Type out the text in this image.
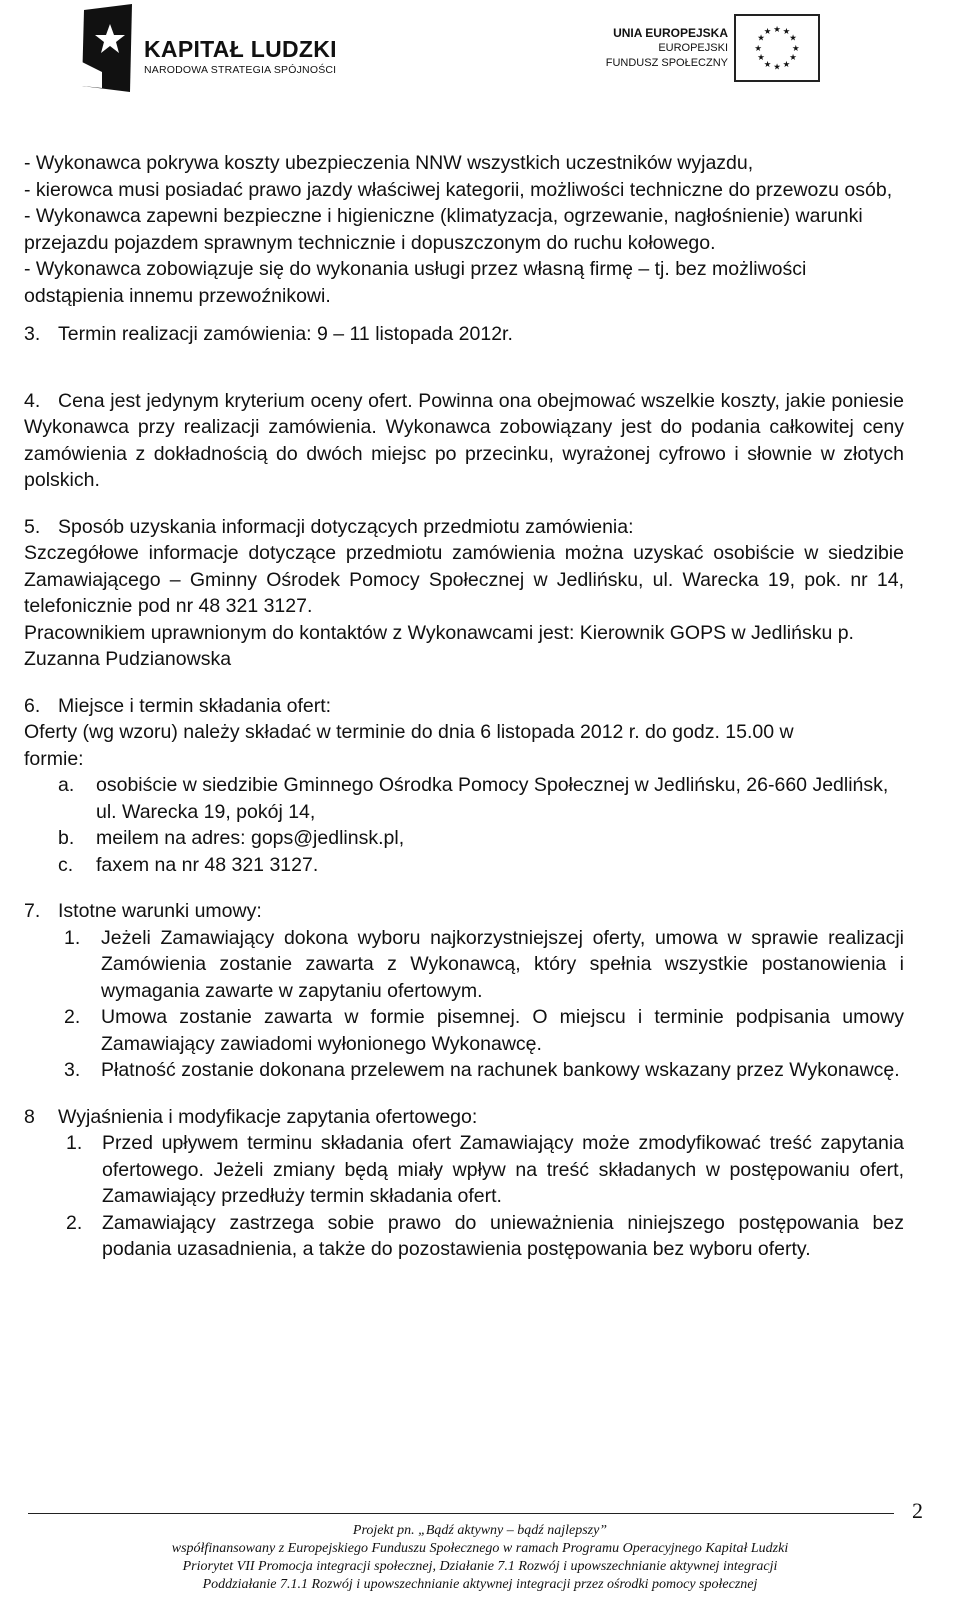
KAPITAŁ LUDZKI
NARODOWA STRATEGIA SPÓJNOŚCI
UNIA EUROPEJSKA
EUROPEJSKI
FUNDUSZ SPOŁECZNY
★ ★
★
★
★
★
★
★
★
★
★
★

- Wykonawca pokrywa koszty ubezpieczenia NNW wszystkich uczestników wyjazdu,

- kierowca musi posiadać prawo jazdy właściwej kategorii, możliwości techniczne do przewozu osób,

- Wykonawca zapewni bezpieczne i higieniczne (klimatyzacja, ogrzewanie, nagłośnienie) warunki przejazdu pojazdem sprawnym technicznie i dopuszczonym do ruchu kołowego.

- Wykonawca zobowiązuje się do wykonania usługi przez własną firmę – tj. bez możliwości odstąpienia innemu przewoźnikowi.

3. Termin realizacji zamówienia: 9 – 11 listopada 2012r.
4. Cena jest jedynym kryterium oceny ofert. Powinna ona obejmować wszelkie koszty, jakie poniesie Wykonawca przy realizacji zamówienia. Wykonawca zobowiązany jest do podania całkowitej ceny zamówienia z dokładnością do dwóch miejsc po przecinku, wyrażonej cyfrowo i słownie w złotych polskich.
5. Sposób uzyskania informacji dotyczących przedmiotu zamówienia:

Szczegółowe informacje dotyczące przedmiotu zamówienia można uzyskać osobiście w siedzibie Zamawiającego – Gminny Ośrodek Pomocy Społecznej w Jedlińsku, ul. Warecka 19, pok. nr 14, telefonicznie pod nr 48 321 3127.

Pracownikiem uprawnionym do kontaktów z Wykonawcami jest: Kierownik GOPS w Jedlińsku p. Zuzanna Pudzianowska

6. Miejsce i termin składania ofert:

Oferty (wg wzoru) należy składać w terminie do dnia 6 listopada 2012 r. do godz. 15.00 w formie:

a.	osobiście w siedzibie Gminnego Ośrodka Pomocy Społecznej w Jedlińsku, 26-660 Jedlińsk, ul. Warecka 19, pokój 14,
b.	meilem na adres: gops@jedlinsk.pl,
c.	faxem na nr 48 321 3127.
7. Istotne warunki umowy:
1.	Jeżeli Zamawiający dokona wyboru najkorzystniejszej oferty, umowa w sprawie realizacji Zamówienia zostanie zawarta z Wykonawcą, który spełnia wszystkie postanowienia i wymagania zawarte w zapytaniu ofertowym.
2.	Umowa zostanie zawarta w formie pisemnej. O miejscu i terminie podpisania umowy Zamawiający zawiadomi wyłonionego Wykonawcę.
3.	Płatność zostanie dokonana przelewem na rachunek bankowy wskazany przez Wykonawcę.
8	Wyjaśnienia i modyfikacje zapytania ofertowego:
1.	Przed upływem terminu składania ofert Zamawiający może zmodyfikować treść zapytania ofertowego. Jeżeli zmiany będą miały wpływ na treść składanych w postępowaniu ofert, Zamawiający przedłuży termin składania ofert.
2.	Zamawiający zastrzega sobie prawo do unieważnienia niniejszego postępowania bez podania uzasadnienia, a także do pozostawienia postępowania bez wyboru oferty.
2
Projekt pn. „Bądź aktywny – bądź najlepszy”
współfinansowany z Europejskiego Funduszu Społecznego w ramach Programu Operacyjnego Kapitał Ludzki
Priorytet VII Promocja integracji społecznej, Działanie 7.1 Rozwój i upowszechnianie aktywnej integracji
Poddziałanie 7.1.1 Rozwój i upowszechnianie aktywnej integracji przez ośrodki pomocy społecznej
